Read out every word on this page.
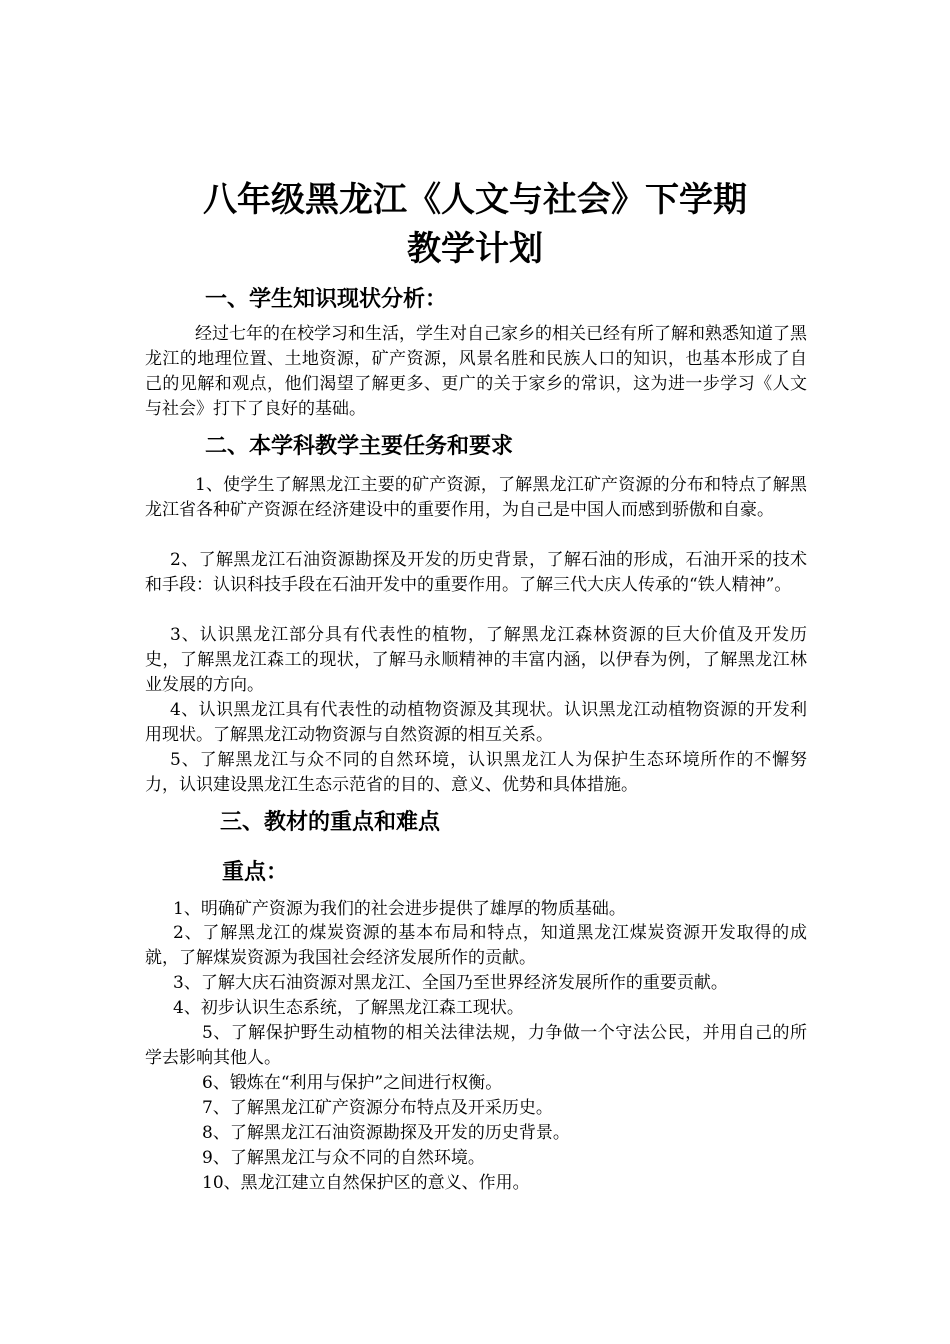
八年级黑龙江《人文与社会》下学期
教学计划
一、学生知识现状分析：

经过七年的在校学习和生活，学生对自己家乡的相关已经有所了解和熟悉知道了黑龙江的地理位置、土地资源，矿产资源，风景名胜和民族人口的知识，也基本形成了自己的见解和观点，他们渴望了解更多、更广的关于家乡的常识，这为进一步学习《人文与社会》打下了良好的基础。

二、本学科教学主要任务和要求

1、使学生了解黑龙江主要的矿产资源，了解黑龙江矿产资源的分布和特点了解黑龙江省各种矿产资源在经济建设中的重要作用，为自己是中国人而感到骄傲和自豪。

2、了解黑龙江石油资源勘探及开发的历史背景，了解石油的形成，石油开采的技术和手段：认识科技手段在石油开发中的重要作用。了解三代大庆人传承的“铁人精神”。

3、认识黑龙江部分具有代表性的植物，了解黑龙江森林资源的巨大价值及开发历史，了解黑龙江森工的现状，了解马永顺精神的丰富内涵，以伊春为例，了解黑龙江林业发展的方向。

4、认识黑龙江具有代表性的动植物资源及其现状。认识黑龙江动植物资源的开发利用现状。了解黑龙江动物资源与自然资源的相互关系。

5、了解黑龙江与众不同的自然环境，认识黑龙江人为保护生态环境所作的不懈努力，认识建设黑龙江生态示范省的目的、意义、优势和具体措施。

三、教材的重点和难点
重点：

1、明确矿产资源为我们的社会进步提供了雄厚的物质基础。

2、了解黑龙江的煤炭资源的基本布局和特点，知道黑龙江煤炭资源开发取得的成就，了解煤炭资源为我国社会经济发展所作的贡献。

3、了解大庆石油资源对黑龙江、全国乃至世界经济发展所作的重要贡献。

4、初步认识生态系统，了解黑龙江森工现状。

5、了解保护野生动植物的相关法律法规，力争做一个守法公民，并用自己的所学去影响其他人。

6、锻炼在“利用与保护”之间进行权衡。

7、了解黑龙江矿产资源分布特点及开采历史。

8、了解黑龙江石油资源勘探及开发的历史背景。

9、了解黑龙江与众不同的自然环境。

10、黑龙江建立自然保护区的意义、作用。
